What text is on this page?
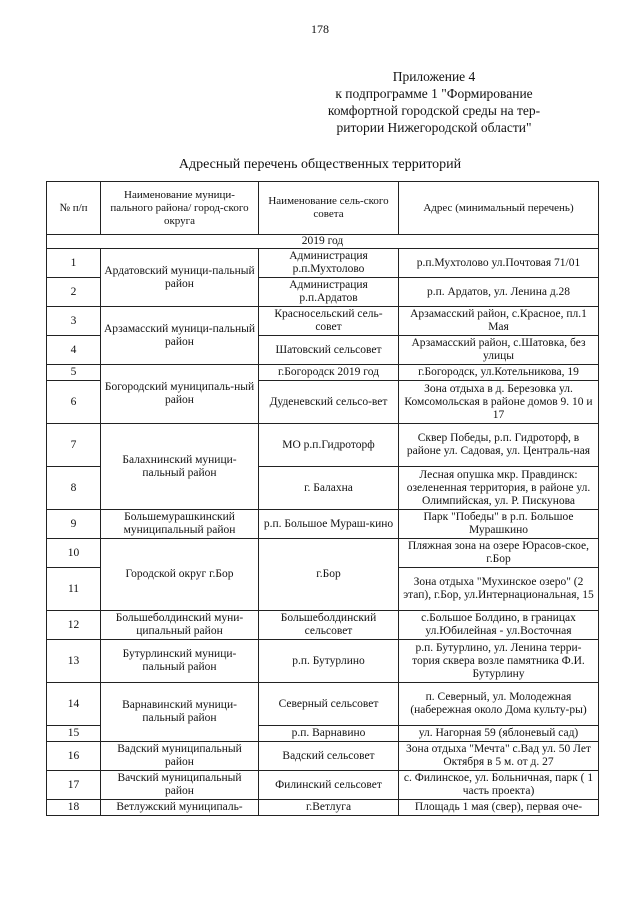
178
Приложение 4
к подпрограмме 1 "Формирование
комфортной городской среды на тер-
ритории Нижегородской области"
Адресный перечень общественных территорий
№ п/п	Наименование муници-пального района/ город-ского округа	Наименование сель-ского совета	Адрес (минимальный перечень)
2019 год			
1	Ардатовский муници-пальный район	Администрация р.п.Мухтолово	р.п.Мухтолово ул.Почтовая 71/01
2		Администрация р.п.Ардатов	р.п. Ардатов, ул. Ленина д.28
3	Арзамасский муници-пальный район	Красносельский сель-совет	Арзамасский район, с.Красное, пл.1 Мая
4		Шатовский сельсовет	Арзамасский район, с.Шатовка, без улицы
5	Богородский муниципаль-ный район	г.Богородск 2019 год	г.Богородск, ул.Котельникова, 19
6		Дуденевский сельсо-вет	Зона отдыха в д. Березовка ул. Комсомольская в районе домов 9. 10 и 17
7	Балахнинский муници-пальный район	МО р.п.Гидроторф	Сквер Победы, р.п. Гидроторф, в районе ул. Садовая, ул. Централь-ная
8		г. Балахна	Лесная опушка мкр. Правдинск: озелененная территория, в районе ул. Олимпийская, ул. Р. Пискунова
9	Большемурашкинский муниципальный район	р.п. Большое Мураш-кино	Парк "Победы" в р.п. Большое Мурашкино
10	Городской округ г.Бор	г.Бор	Пляжная зона на озере Юрасов-ское, г.Бор
11			Зона отдыха "Мухинское озеро" (2 этап), г.Бор, ул.Интернациональная, 15
12	Большеболдинский муни-ципальный район	Большеболдинский сельсовет	с.Большое Болдино, в границах ул.Юбилейная - ул.Восточная
13	Бутурлинский муници-пальный район	р.п. Бутурлино	р.п. Бутурлино, ул. Ленина терри-тория сквера возле памятника Ф.И. Бутурлину
14	Варнавинский муници-пальный район	Северный сельсовет	п. Северный, ул. Молодежная (набережная около Дома культу-ры)
15		р.п. Варнавино	ул. Нагорная 59 (яблоневый сад)
16	Вадский муниципальный район	Вадский сельсовет	Зона отдыха "Мечта" с.Вад ул. 50 Лет Октября в 5 м. от д. 27
17	Вачский муниципальный район	Филинский сельсовет	с. Филинское, ул. Больничная, парк ( 1 часть проекта)
18	Ветлужский муниципаль-	г.Ветлуга	Площадь 1 мая (свер), первая оче-
